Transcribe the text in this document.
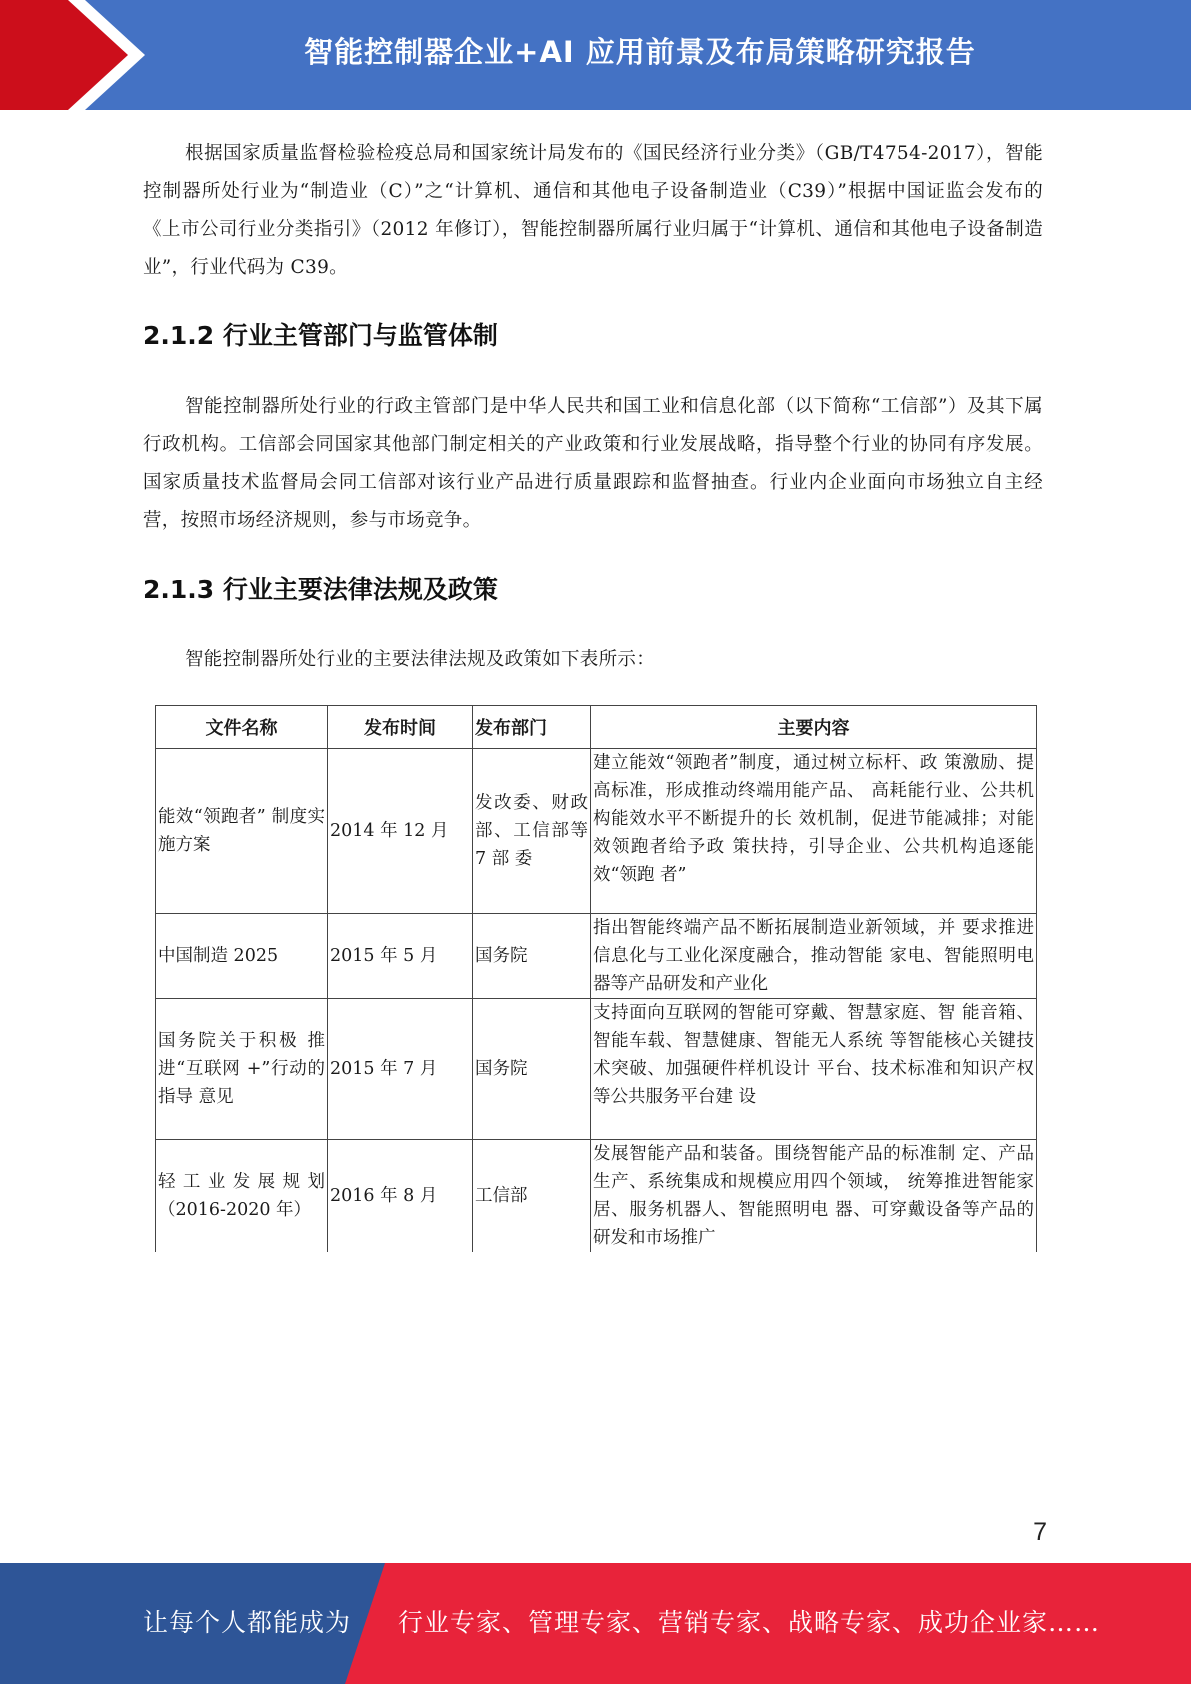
智能控制器企业+AI 应用前景及布局策略研究报告

根据国家质量监督检验检疫总局和国家统计局发布的《国民经济行业分类》（GB/T4754-2017），智能控制器所处行业为“制造业（C）”之“计算机、通信和其他电子设备制造业（C39）”根据中国证监会发布的《上市公司行业分类指引》（2012 年修订），智能控制器所属行业归属于“计算机、通信和其他电子设备制造业”，行业代码为 C39。

2.1.2 行业主管部门与监管体制

智能控制器所处行业的行政主管部门是中华人民共和国工业和信息化部（以下简称“工信部”）及其下属行政机构。工信部会同国家其他部门制定相关的产业政策和行业发展战略，指导整个行业的协同有序发展。国家质量技术监督局会同工信部对该行业产品进行质量跟踪和监督抽查。行业内企业面向市场独立自主经营，按照市场经济规则，参与市场竞争。

2.1.3 行业主要法律法规及政策

智能控制器所处行业的主要法律法规及政策如下表所示：

文件名称	发布时间	发布部门	主要内容
能效“领跑者” 制度实施方案	2014 年 12 月	发改委、财政部、工信部等 7 部 委	建立能效“领跑者”制度，通过树立标杆、政 策激励、提高标准，形成推动终端用能产品、 高耗能行业、公共机构能效水平不断提升的长 效机制，促进节能减排；对能效领跑者给予政 策扶持，引导企业、公共机构追逐能效“领跑 者”
中国制造 2025	2015 年 5 月	国务院	指出智能终端产品不断拓展制造业新领域，并 要求推进信息化与工业化深度融合，推动智能 家电、智能照明电器等产品研发和产业化
国务院关于积极 推进“互联网 +”行动的指导 意见	2015 年 7 月	国务院	支持面向互联网的智能可穿戴、智慧家庭、智 能音箱、智能车载、智慧健康、智能无人系统 等智能核心关键技术突破、加强硬件样机设计 平台、技术标准和知识产权等公共服务平台建 设
轻工业发展规划（2016-2020 年）	2016 年 8 月	工信部	发展智能产品和装备。围绕智能产品的标准制 定、产品生产、系统集成和规模应用四个领域， 统筹推进智能家居、服务机器人、智能照明电 器、可穿戴设备等产品的研发和市场推广
7
让每个人都能成为 行业专家、管理专家、营销专家、战略专家、成功企业家……
